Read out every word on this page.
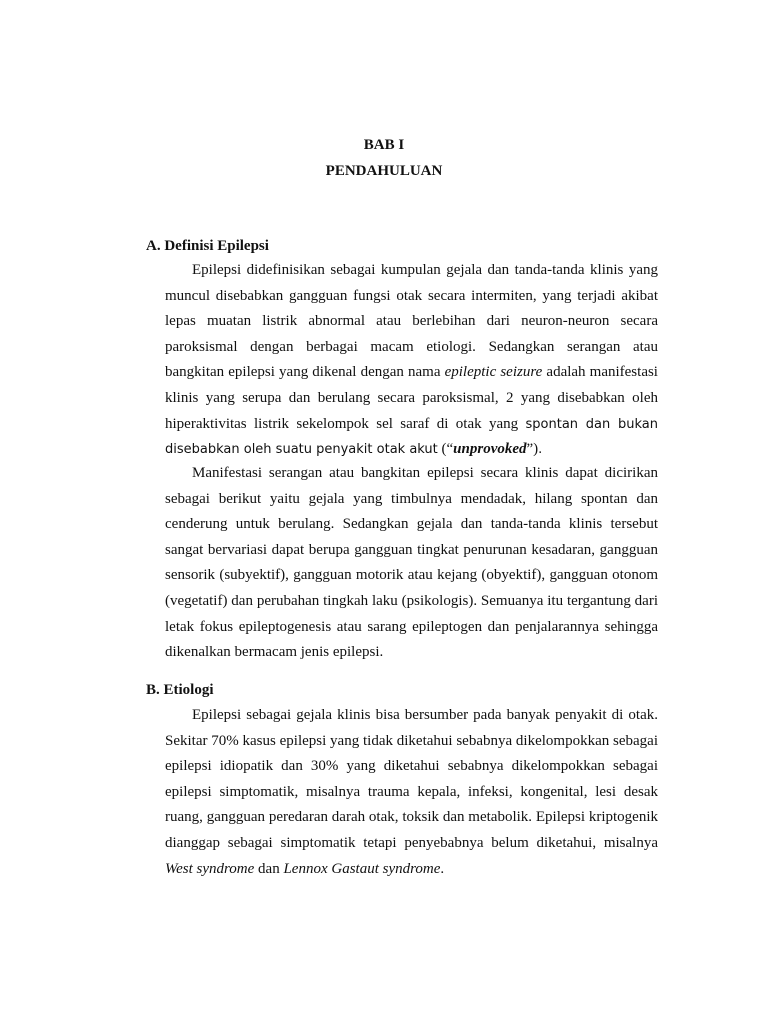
BAB I

PENDAHULUAN

A. Definisi Epilepsi

Epilepsi didefinisikan sebagai kumpulan gejala dan tanda-tanda klinis yang muncul disebabkan gangguan fungsi otak secara intermiten, yang terjadi akibat lepas muatan listrik abnormal atau berlebihan dari neuron-neuron secara paroksismal dengan berbagai macam etiologi. Sedangkan serangan atau bangkitan epilepsi yang dikenal dengan nama epileptic seizure adalah manifestasi klinis yang serupa dan berulang secara paroksismal, 2 yang disebabkan oleh hiperaktivitas listrik sekelompok sel saraf di otak yang spontan dan bukan disebabkan oleh suatu penyakit otak akut (“unprovoked”).

Manifestasi serangan atau bangkitan epilepsi secara klinis dapat dicirikan sebagai berikut yaitu gejala yang timbulnya mendadak, hilang spontan dan cenderung untuk berulang. Sedangkan gejala dan tanda-tanda klinis tersebut sangat bervariasi dapat berupa gangguan tingkat penurunan kesadaran, gangguan sensorik (subyektif), gangguan motorik atau kejang (obyektif), gangguan otonom (vegetatif) dan perubahan tingkah laku (psikologis). Semuanya itu tergantung dari letak fokus epileptogenesis atau sarang epileptogen dan penjalarannya sehingga dikenalkan bermacam jenis epilepsi.

B. Etiologi

Epilepsi sebagai gejala klinis bisa bersumber pada banyak penyakit di otak. Sekitar 70% kasus epilepsi yang tidak diketahui sebabnya dikelompokkan sebagai epilepsi idiopatik dan 30% yang diketahui sebabnya dikelompokkan sebagai epilepsi simptomatik, misalnya trauma kepala, infeksi, kongenital, lesi desak ruang, gangguan peredaran darah otak, toksik dan metabolik. Epilepsi kriptogenik dianggap sebagai simptomatik tetapi penyebabnya belum diketahui, misalnya West syndrome dan Lennox Gastaut syndrome.
